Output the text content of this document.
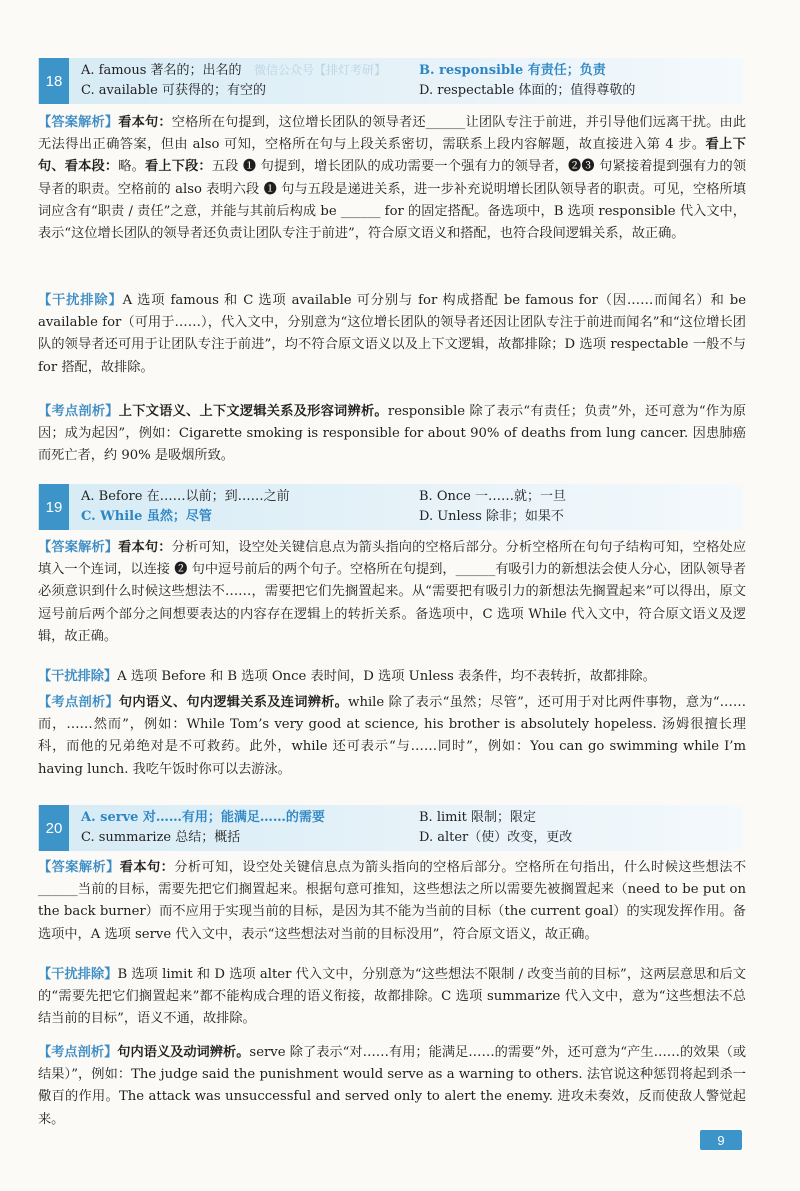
18
微信公众号【排灯考研】
A. famous 著名的；出名的	B. responsible 有责任；负责
C. available 可获得的；有空的	D. respectable 体面的；值得尊敬的
【答案解析】看本句：空格所在句提到，这位增长团队的领导者还______让团队专注于前进，并引导他们远离干扰。由此无法得出正确答案，但由 also 可知，空格所在句与上段关系密切，需联系上段内容解题，故直接进入第 4 步。看上下句、看本段：略。看上下段：五段 ❶ 句提到，增长团队的成功需要一个强有力的领导者，❷❸ 句紧接着提到强有力的领导者的职责。空格前的 also 表明六段 ❶ 句与五段是递进关系，进一步补充说明增长团队领导者的职责。可见，空格所填词应含有“职责 / 责任”之意，并能与其前后构成 be ______ for 的固定搭配。备选项中，B 选项 responsible 代入文中，表示“这位增长团队的领导者还负责让团队专注于前进”，符合原文语义和搭配，也符合段间逻辑关系，故正确。
【干扰排除】A 选项 famous 和 C 选项 available 可分别与 for 构成搭配 be famous for（因……而闻名）和 be available for（可用于……），代入文中，分别意为“这位增长团队的领导者还因让团队专注于前进而闻名”和“这位增长团队的领导者还可用于让团队专注于前进”，均不符合原文语义以及上下文逻辑，故都排除；D 选项 respectable 一般不与 for 搭配，故排除。
【考点剖析】上下文语义、上下文逻辑关系及形容词辨析。responsible 除了表示“有责任；负责”外，还可意为“作为原因；成为起因”，例如：Cigarette smoking is responsible for about 90% of deaths from lung cancer. 因患肺癌而死亡者，约 90% 是吸烟所致。
19
A. Before 在……以前；到……之前	B. Once 一……就；一旦
C. While 虽然；尽管	D. Unless 除非；如果不
【答案解析】看本句：分析可知，设空处关键信息点为箭头指向的空格后部分。分析空格所在句句子结构可知，空格处应填入一个连词，以连接 ❷ 句中逗号前后的两个句子。空格所在句提到，______有吸引力的新想法会使人分心，团队领导者必须意识到什么时候这些想法不……，需要把它们先搁置起来。从“需要把有吸引力的新想法先搁置起来”可以得出，原文逗号前后两个部分之间想要表达的内容存在逻辑上的转折关系。备选项中，C 选项 While 代入文中，符合原文语义及逻辑，故正确。
【干扰排除】A 选项 Before 和 B 选项 Once 表时间，D 选项 Unless 表条件，均不表转折，故都排除。
【考点剖析】句内语义、句内逻辑关系及连词辨析。while 除了表示“虽然；尽管”，还可用于对比两件事物，意为“……而，……然而”，例如：While Tom’s very good at science, his brother is absolutely hopeless. 汤姆很擅长理科，而他的兄弟绝对是不可救药。此外，while 还可表示“与……同时”，例如：You can go swimming while I’m having lunch. 我吃午饭时你可以去游泳。
20
A. serve 对……有用；能满足……的需要	B. limit 限制；限定
C. summarize 总结；概括	D. alter（使）改变，更改
【答案解析】看本句：分析可知，设空处关键信息点为箭头指向的空格后部分。空格所在句指出，什么时候这些想法不______当前的目标，需要先把它们搁置起来。根据句意可推知，这些想法之所以需要先被搁置起来（need to be put on the back burner）而不应用于实现当前的目标，是因为其不能为当前的目标（the current goal）的实现发挥作用。备选项中，A 选项 serve 代入文中，表示“这些想法对当前的目标没用”，符合原文语义，故正确。
【干扰排除】B 选项 limit 和 D 选项 alter 代入文中，分别意为“这些想法不限制 / 改变当前的目标”，这两层意思和后文的“需要先把它们搁置起来”都不能构成合理的语义衔接，故都排除。C 选项 summarize 代入文中，意为“这些想法不总结当前的目标”，语义不通，故排除。
【考点剖析】句内语义及动词辨析。serve 除了表示“对……有用；能满足……的需要”外，还可意为“产生……的效果（或结果）”，例如：The judge said the punishment would serve as a warning to others. 法官说这种惩罚将起到杀一儆百的作用。The attack was unsuccessful and served only to alert the enemy. 进攻未奏效，反而使敌人警觉起来。
9
